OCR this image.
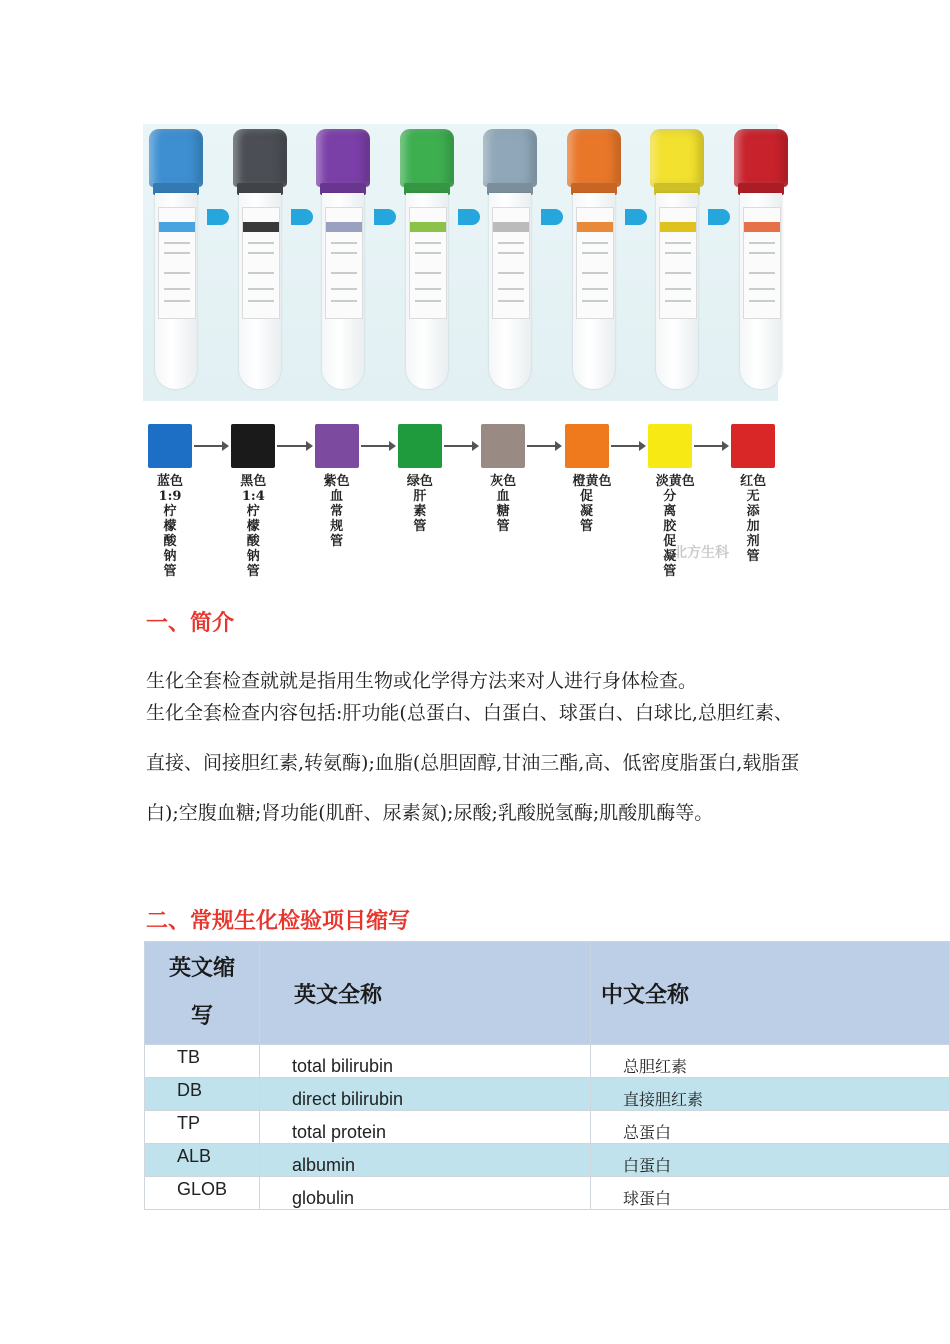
北方生科
蓝色
1:9
柠
檬
酸
钠
管
黑色
1:4
柠
檬
酸
钠
管
紫色
血
常
规
管
绿色
肝
素
管
灰色
血
糖
管
橙黄色
促
凝
管
淡黄色
分
离
胶
促
凝
管
红色
无
添
加
剂
管
一、简介

生化全套检查就就是指用生物或化学得方法来对人进行身体检查。

生化全套检查内容包括:肝功能(总蛋白、白蛋白、球蛋白、白球比,总胆红素、直接、间接胆红素,转氨酶);血脂(总胆固醇,甘油三酯,高、低密度脂蛋白,载脂蛋白);空腹血糖;肾功能(肌酐、尿素氮);尿酸;乳酸脱氢酶;肌酸肌酶等。

二、常规生化检验项目缩写
英文缩
写	英文全称	中文全称
TB	total bilirubin	总胆红素
DB	direct bilirubin	直接胆红素
TP	total protein	总蛋白
ALB	albumin	白蛋白
GLOB	globulin	球蛋白
